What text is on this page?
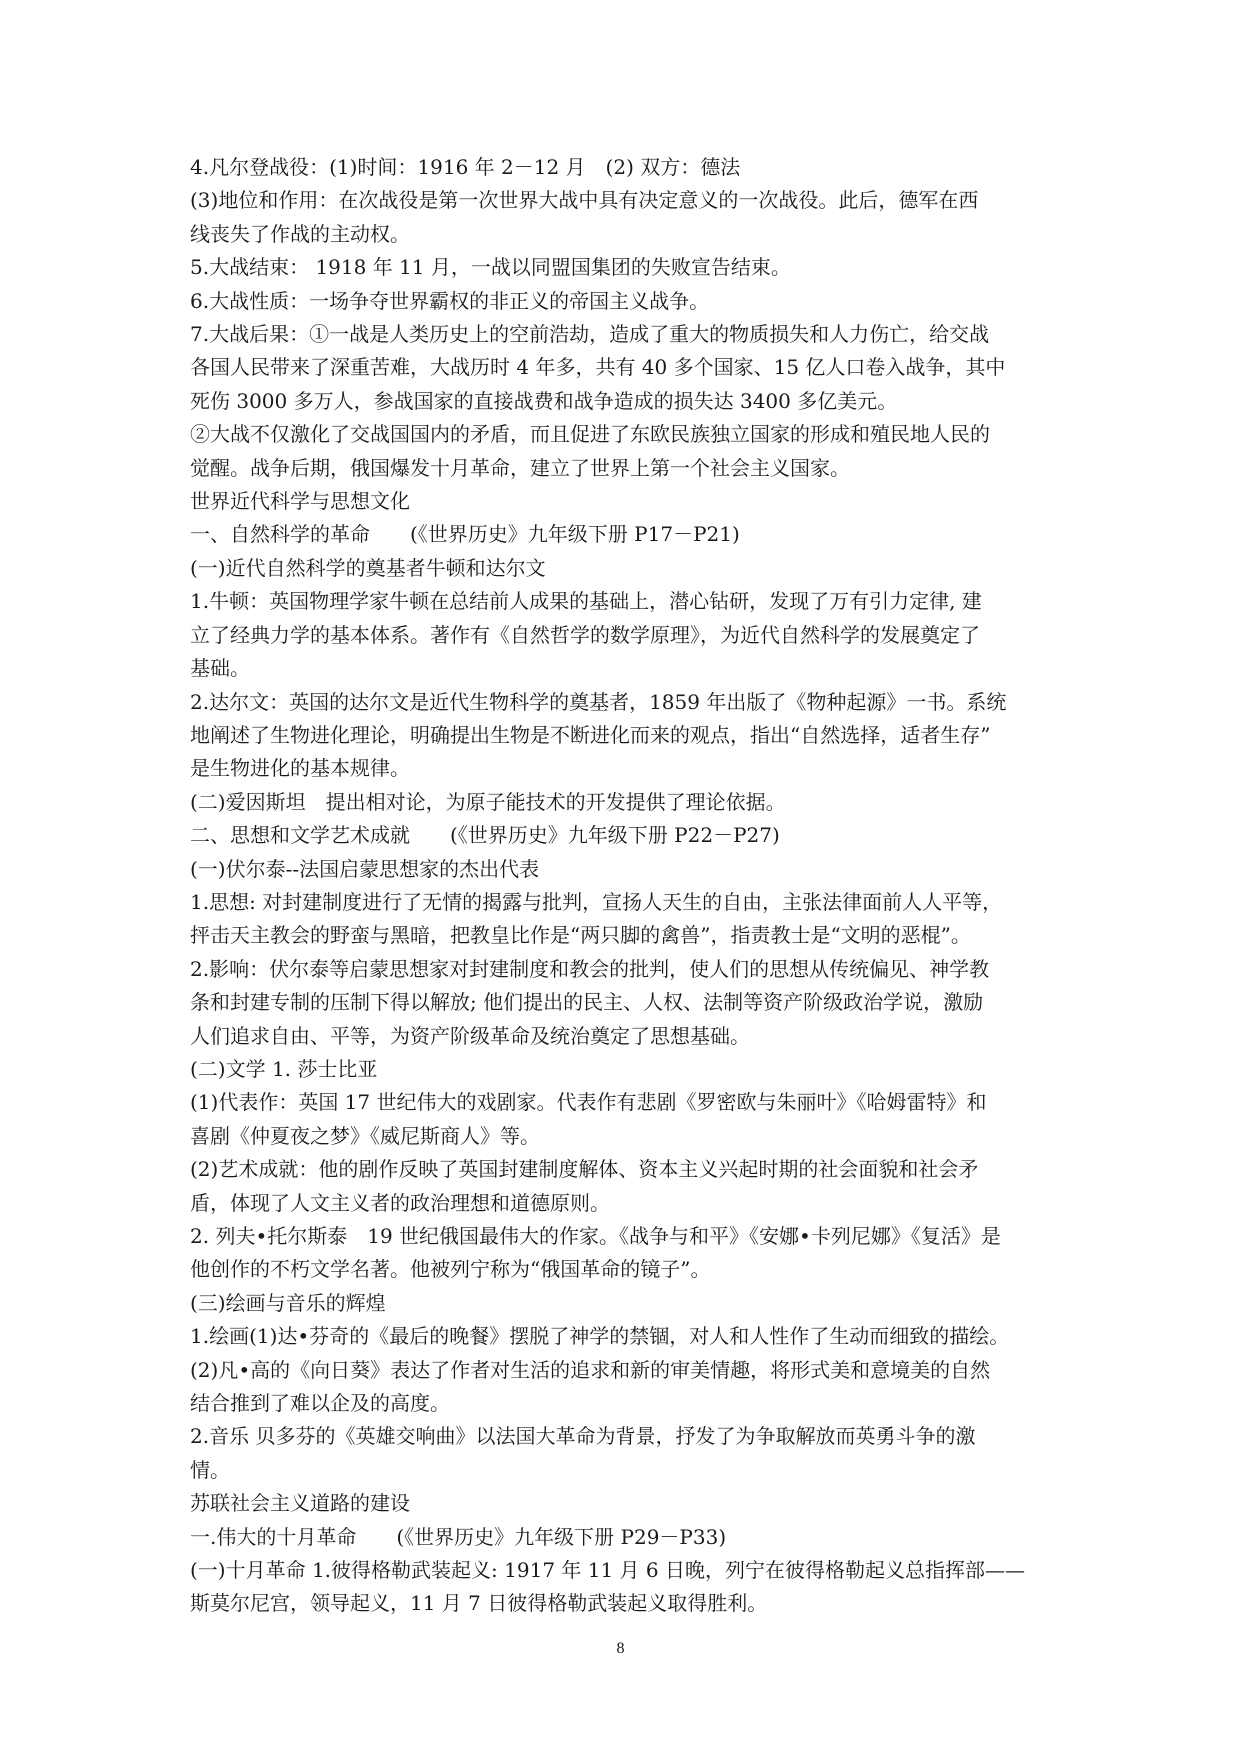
4.凡尔登战役：(1)时间：1916 年 2－12 月　(2) 双方：德法
(3)地位和作用：在次战役是第一次世界大战中具有决定意义的一次战役。此后，德军在西
线丧失了作战的主动权。
5.大战结束： 1918 年 11 月，一战以同盟国集团的失败宣告结束。
6.大战性质：一场争夺世界霸权的非正义的帝国主义战争。
7.大战后果：①一战是人类历史上的空前浩劫，造成了重大的物质损失和人力伤亡，给交战
各国人民带来了深重苦难，大战历时 4 年多，共有 40 多个国家、15 亿人口卷入战争，其中
死伤 3000 多万人，参战国家的直接战费和战争造成的损失达 3400 多亿美元。
②大战不仅激化了交战国国内的矛盾，而且促进了东欧民族独立国家的形成和殖民地人民的
觉醒。战争后期，俄国爆发十月革命，建立了世界上第一个社会主义国家。
世界近代科学与思想文化
一、自然科学的革命　　(《世界历史》九年级下册 P17－P21)
(一)近代自然科学的奠基者牛顿和达尔文
1.牛顿：英国物理学家牛顿在总结前人成果的基础上，潜心钻研，发现了万有引力定律, 建
立了经典力学的基本体系。著作有《自然哲学的数学原理》，为近代自然科学的发展奠定了
基础。
2.达尔文：英国的达尔文是近代生物科学的奠基者，1859 年出版了《物种起源》一书。系统
地阐述了生物进化理论，明确提出生物是不断进化而来的观点，指出“自然选择，适者生存”
是生物进化的基本规律。
(二)爱因斯坦　提出相对论，为原子能技术的开发提供了理论依据。
二、思想和文学艺术成就　　(《世界历史》九年级下册 P22－P27)
(一)伏尔泰--法国启蒙思想家的杰出代表
1.思想: 对封建制度进行了无情的揭露与批判，宣扬人天生的自由，主张法律面前人人平等，
抨击天主教会的野蛮与黑暗，把教皇比作是“两只脚的禽兽”，指责教士是“文明的恶棍”。
2.影响：伏尔泰等启蒙思想家对封建制度和教会的批判，使人们的思想从传统偏见、神学教
条和封建专制的压制下得以解放; 他们提出的民主、人权、法制等资产阶级政治学说，激励
人们追求自由、平等，为资产阶级革命及统治奠定了思想基础。
(二)文学 1. 莎士比亚
(1)代表作：英国 17 世纪伟大的戏剧家。代表作有悲剧《罗密欧与朱丽叶》《哈姆雷特》和
喜剧《仲夏夜之梦》《威尼斯商人》等。
(2)艺术成就：他的剧作反映了英国封建制度解体、资本主义兴起时期的社会面貌和社会矛
盾，体现了人文主义者的政治理想和道德原则。
2. 列夫•托尔斯泰　19 世纪俄国最伟大的作家。《战争与和平》《安娜•卡列尼娜》《复活》是
他创作的不朽文学名著。他被列宁称为“俄国革命的镜子”。
(三)绘画与音乐的辉煌
1.绘画(1)达•芬奇的《最后的晚餐》摆脱了神学的禁锢，对人和人性作了生动而细致的描绘。
(2)凡•高的《向日葵》表达了作者对生活的追求和新的审美情趣，将形式美和意境美的自然
结合推到了难以企及的高度。
2.音乐 贝多芬的《英雄交响曲》以法国大革命为背景，抒发了为争取解放而英勇斗争的激
情。
苏联社会主义道路的建设
一.伟大的十月革命　　(《世界历史》九年级下册 P29－P33)
(一)十月革命 1.彼得格勒武装起义: 1917 年 11 月 6 日晚，列宁在彼得格勒起义总指挥部——
斯莫尔尼宫，领导起义，11 月 7 日彼得格勒武装起义取得胜利。
8
